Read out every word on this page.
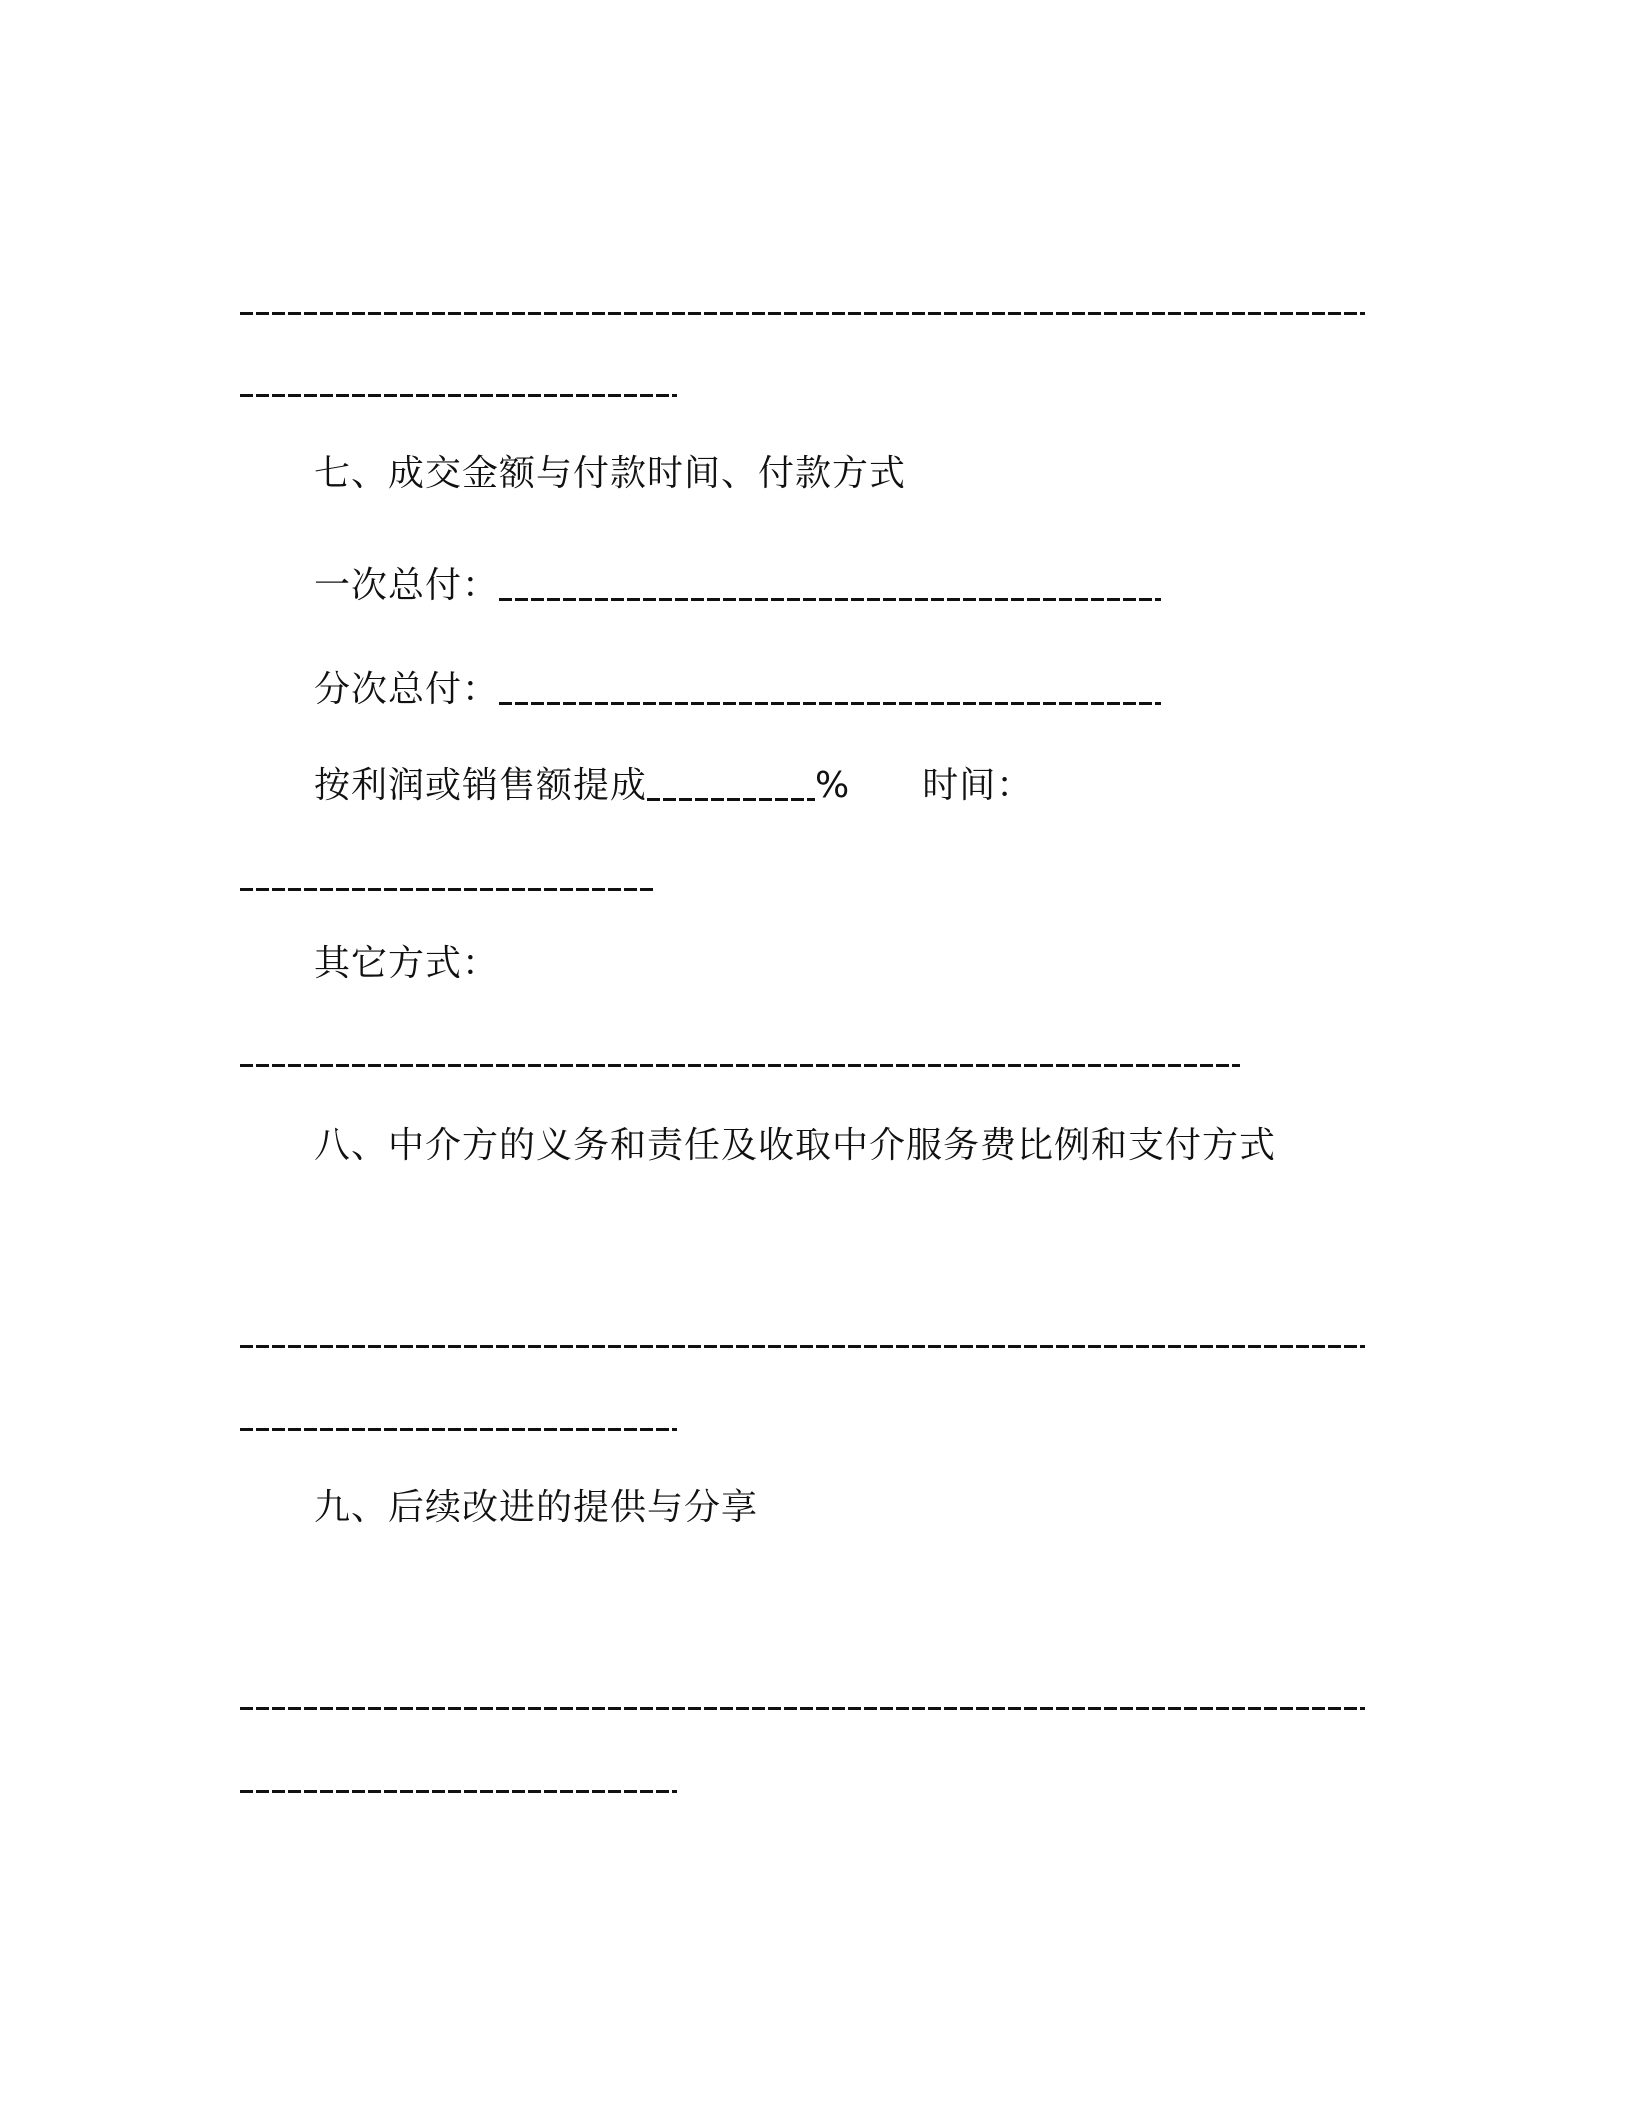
七、成交金额与付款时间、付款方式
一次总付：
分次总付：
按利润或销售额提成	% 时间：
其它方式：
八、中介方的义务和责任及收取中介服务费比例和支付方式
九、后续改进的提供与分享
